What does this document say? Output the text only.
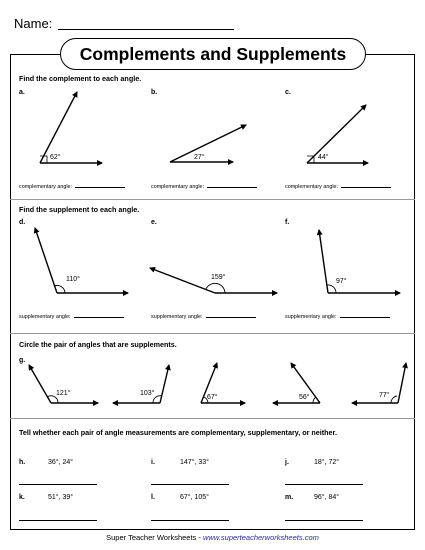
Name:
Complements and Supplements
Find the complement to each angle.
a.	b.	c.
62°	27°	44°
110°	159°
97°
121°	103°
67°	56°	77°
complementary angle:	complementary angle:	complementary angle:
Find the supplement to each angle.
d.	e.	f.
supplementary angle:	supplementary angle:	supplementary angle:
Circle the pair of angles that are supplements.
g.
Tell whether each pair of angle measurements are complementary, supplementary, or neither.
h.	36°, 24°	i.	147°, 33°	j.	18°, 72°
k.	51°, 39°	l.	67°, 105°	m.	96°, 84°
Super Teacher Worksheets - www.superteacherworksheets.com
